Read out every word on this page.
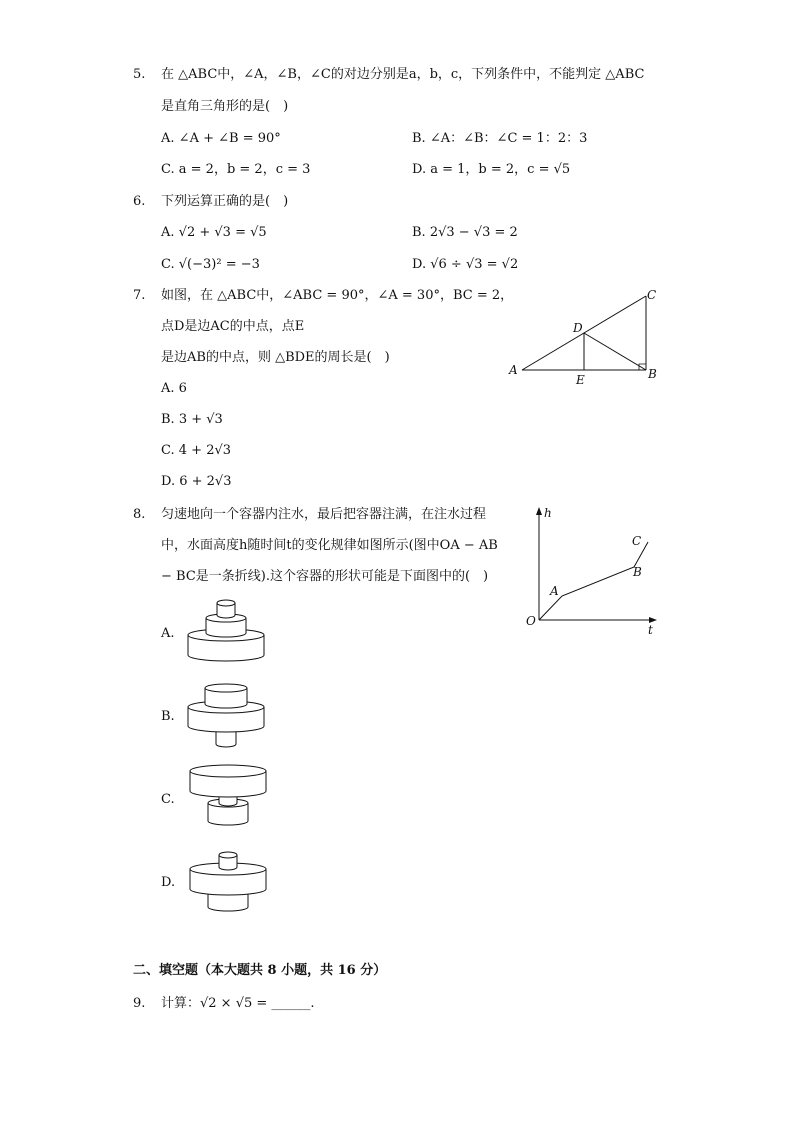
5. 在 △ABC中，∠A，∠B，∠C的对边分别是a，b，c，下列条件中，不能判定 △ABC
是直角三角形的是(　)
A. ∠A + ∠B = 90°	B. ∠A：∠B：∠C = 1：2：3
C. a = 2，b = 2，c = 3	D. a = 1，b = 2，c = √5
6. 下列运算正确的是(　)
A. √2 + √3 = √5	B. 2√3 − √3 = 2
C. √(−3)² = −3	D. √6 ÷ √3 = √2
7. 如图，在 △ABC中，∠ABC = 90°，∠A = 30°，BC = 2，
点D是边AC的中点，点E
是边AB的中点，则 △BDE的周长是(　)
A. 6
B. 3 + √3
C. 4 + 2√3
D. 6 + 2√3
A	B
C
D
E
8. 匀速地向一个容器内注水，最后把容器注满，在注水过程
中，水面高度h随时间t的变化规律如图所示(图中OA − AB
− BC是一条折线).这个容器的形状可能是下面图中的(　)
h
t
O
A
B
C
A.
B.
C.
D.
二、填空题（本大题共 8 小题，共 16 分）
9. 计算：√2 × √5 = ______.
